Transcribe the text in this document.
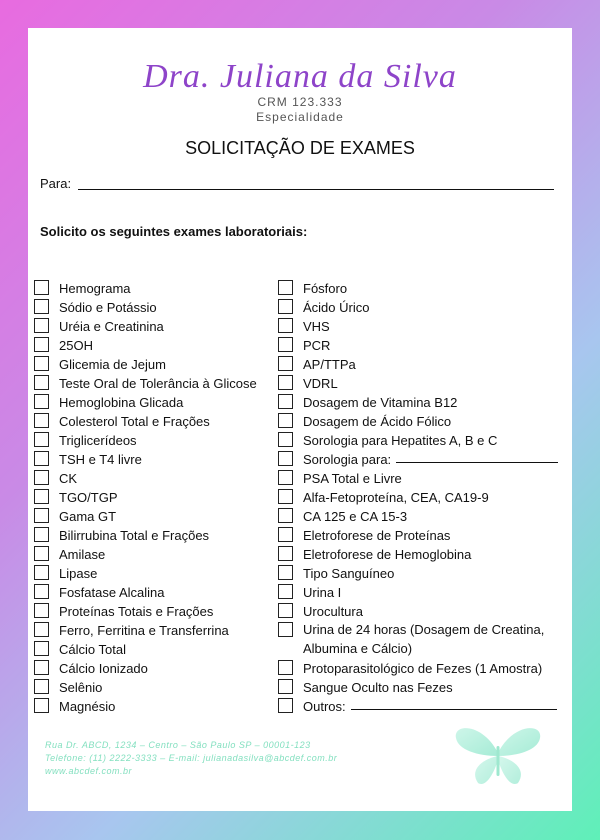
Dra. Juliana da Silva
CRM 123.333
Especialidade
SOLICITAÇÃO DE EXAMES
Para:
Solicito os seguintes exames laboratoriais:
Hemograma
Sódio e Potássio
Uréia e Creatinina
25OH
Glicemia de Jejum
Teste Oral de Tolerância à Glicose
Hemoglobina Glicada
Colesterol Total e Frações
Triglicerídeos
TSH e T4 livre
CK
TGO/TGP
Gama GT
Bilirrubina Total e Frações
Amilase
Lipase
Fosfatase Alcalina
Proteínas Totais e Frações
Ferro, Ferritina e Transferrina
Cálcio Total
Cálcio Ionizado
Selênio
Magnésio
Fósforo
Ácido Úrico
VHS
PCR
AP/TTPa
VDRL
Dosagem de Vitamina B12
Dosagem de Ácido Fólico
Sorologia para Hepatites A, B e C
Sorologia para:
PSA Total e Livre
Alfa-Fetoproteína, CEA, CA19-9
CA 125 e CA 15-3
Eletroforese de Proteínas
Eletroforese de Hemoglobina
Tipo Sanguíneo
Urina I
Urocultura
Urina de 24 horas (Dosagem de Creatina, Albumina e Cálcio)
Protoparasitológico de Fezes (1 Amostra)
Sangue Oculto nas Fezes
Outros:
Rua Dr. ABCD, 1234 – Centro – São Paulo SP – 00001-123
Telefone: (11) 2222-3333 – E-mail: julianadasilva@abcdef.com.br
www.abcdef.com.br
